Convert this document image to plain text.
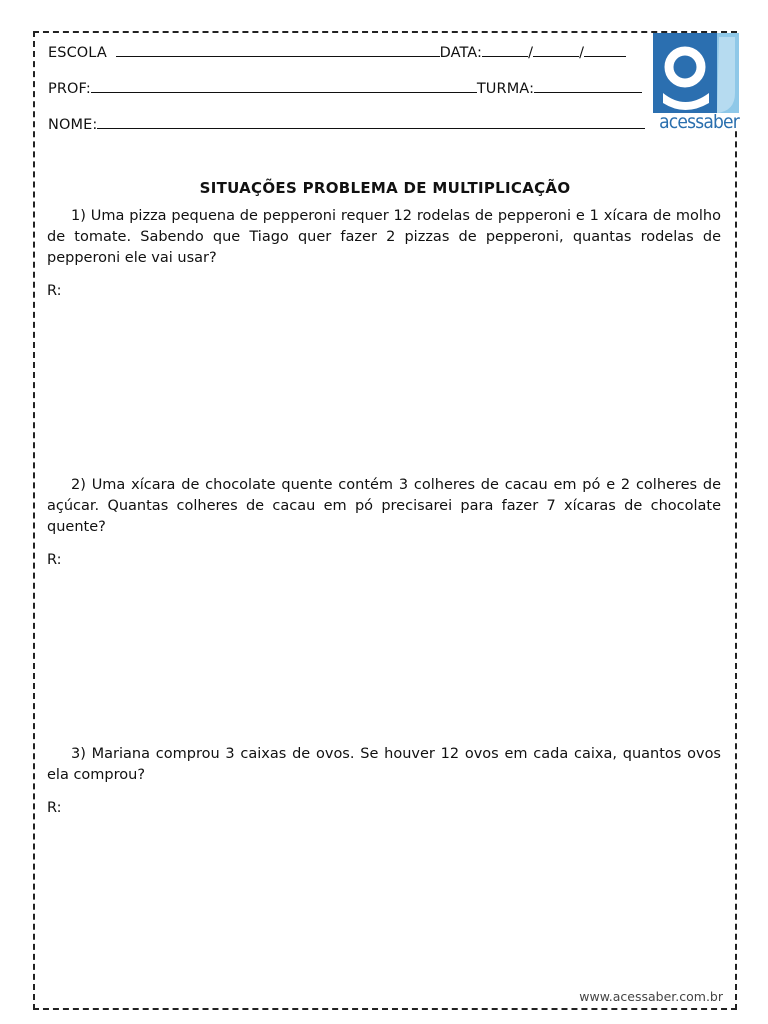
ESCOLA	DATA:	/	/
PROF:	TURMA:
NOME:	acessaber
SITUAÇÕES PROBLEMA DE MULTIPLICAÇÃO
1) Uma pizza pequena de pepperoni requer 12 rodelas de pepperoni e 1 xícara de molho de tomate. Sabendo que Tiago quer fazer 2 pizzas de pepperoni, quantas rodelas de pepperoni ele vai usar?
R:
2) Uma xícara de chocolate quente contém 3 colheres de cacau em pó e 2 colheres de açúcar. Quantas colheres de cacau em pó precisarei para fazer 7 xícaras de chocolate quente?
R:
3) Mariana comprou 3 caixas de ovos. Se houver 12 ovos em cada caixa, quantos ovos ela comprou?
R:
www.acessaber.com.br
